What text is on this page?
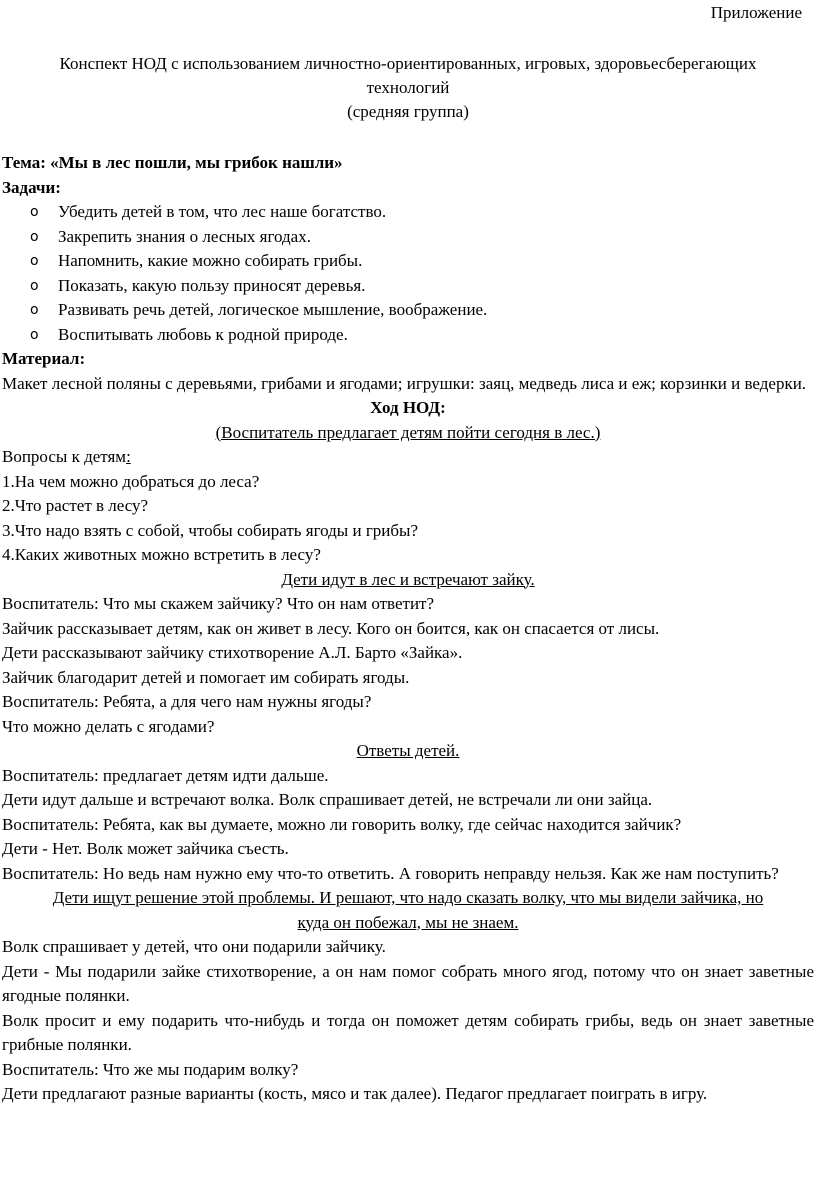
Приложение
Конспект НОД с использованием личностно-ориентированных, игровых, здоровьесберегающих
технологий
(средняя группа)
Тема: «Мы в лес пошли, мы грибок нашли»
Задачи:
o Убедить детей в том, что лес наше богатство.
o Закрепить знания о лесных ягодах.
o Напомнить, какие можно собирать грибы.
o Показать, какую пользу приносят деревья.
o Развивать речь детей, логическое мышление, воображение.
o Воспитывать любовь к родной природе.
Материал:
Макет лесной поляны с деревьями, грибами и ягодами; игрушки: заяц, медведь лиса и еж; корзинки и ведерки.
Ход НОД:
(Воспитатель предлагает детям пойти сегодня в лес.)
Вопросы к детям:
1.На чем можно добраться до леса?
2.Что растет в лесу?
3.Что надо взять с собой, чтобы собирать ягоды и грибы?
4.Каких животных можно встретить в лесу?
Дети идут в лес и встречают зайку.
Воспитатель: Что мы скажем зайчику? Что он нам ответит?
Зайчик рассказывает детям, как он живет в лесу. Кого он боится, как он спасается от лисы.
Дети рассказывают зайчику стихотворение А.Л. Барто «Зайка».
Зайчик благодарит детей и помогает им собирать ягоды.
Воспитатель: Ребята, а для чего нам нужны ягоды?
Что можно делать с ягодами?
Ответы детей.
Воспитатель: предлагает детям идти дальше.
Дети идут дальше и встречают волка. Волк спрашивает детей, не встречали ли они зайца.
Воспитатель: Ребята, как вы думаете, можно ли говорить волку, где сейчас находится зайчик?
Дети - Нет. Волк может зайчика съесть.
Воспитатель: Но ведь нам нужно ему что-то ответить. А говорить неправду нельзя. Как же нам поступить?
Дети ищут решение этой проблемы. И решают, что надо сказать волку, что мы видели зайчика, но
куда он побежал, мы не знаем.
Волк спрашивает у детей, что они подарили зайчику.
Дети - Мы подарили зайке стихотворение, а он нам помог собрать много ягод, потому что он знает заветные ягодные полянки.
Волк просит и ему подарить что-нибудь и тогда он поможет детям собирать грибы, ведь он знает заветные грибные полянки.
Воспитатель: Что же мы подарим волку?
Дети предлагают разные варианты (кость, мясо и так далее). Педагог предлагает поиграть в игру.
